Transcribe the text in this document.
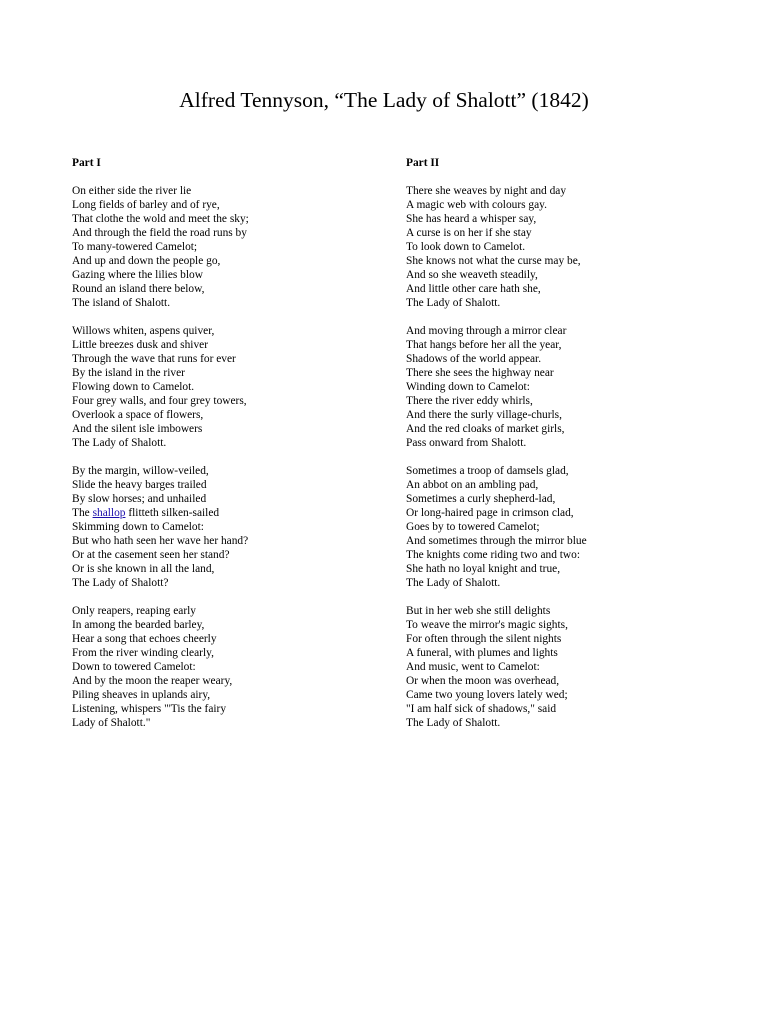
Alfred Tennyson, “The Lady of Shalott” (1842)
Part I
On either side the river lie
Long fields of barley and of rye,
That clothe the wold and meet the sky;
And through the field the road runs by
To many-towered Camelot;
And up and down the people go,
Gazing where the lilies blow
Round an island there below,
The island of Shalott.
Willows whiten, aspens quiver,
Little breezes dusk and shiver
Through the wave that runs for ever
By the island in the river
Flowing down to Camelot.
Four grey walls, and four grey towers,
Overlook a space of flowers,
And the silent isle imbowers
The Lady of Shalott.
By the margin, willow-veiled,
Slide the heavy barges trailed
By slow horses; and unhailed
The shallop flitteth silken-sailed
Skimming down to Camelot:
But who hath seen her wave her hand?
Or at the casement seen her stand?
Or is she known in all the land,
The Lady of Shalott?
Only reapers, reaping early
In among the bearded barley,
Hear a song that echoes cheerly
From the river winding clearly,
Down to towered Camelot:
And by the moon the reaper weary,
Piling sheaves in uplands airy,
Listening, whispers "'Tis the fairy
Lady of Shalott."
Part II
There she weaves by night and day
A magic web with colours gay.
She has heard a whisper say,
A curse is on her if she stay
To look down to Camelot.
She knows not what the curse may be,
And so she weaveth steadily,
And little other care hath she,
The Lady of Shalott.
And moving through a mirror clear
That hangs before her all the year,
Shadows of the world appear.
There she sees the highway near
Winding down to Camelot:
There the river eddy whirls,
And there the surly village-churls,
And the red cloaks of market girls,
Pass onward from Shalott.
Sometimes a troop of damsels glad,
An abbot on an ambling pad,
Sometimes a curly shepherd-lad,
Or long-haired page in crimson clad,
Goes by to towered Camelot;
And sometimes through the mirror blue
The knights come riding two and two:
She hath no loyal knight and true,
The Lady of Shalott.
But in her web she still delights
To weave the mirror's magic sights,
For often through the silent nights
A funeral, with plumes and lights
And music, went to Camelot:
Or when the moon was overhead,
Came two young lovers lately wed;
"I am half sick of shadows," said
The Lady of Shalott.
